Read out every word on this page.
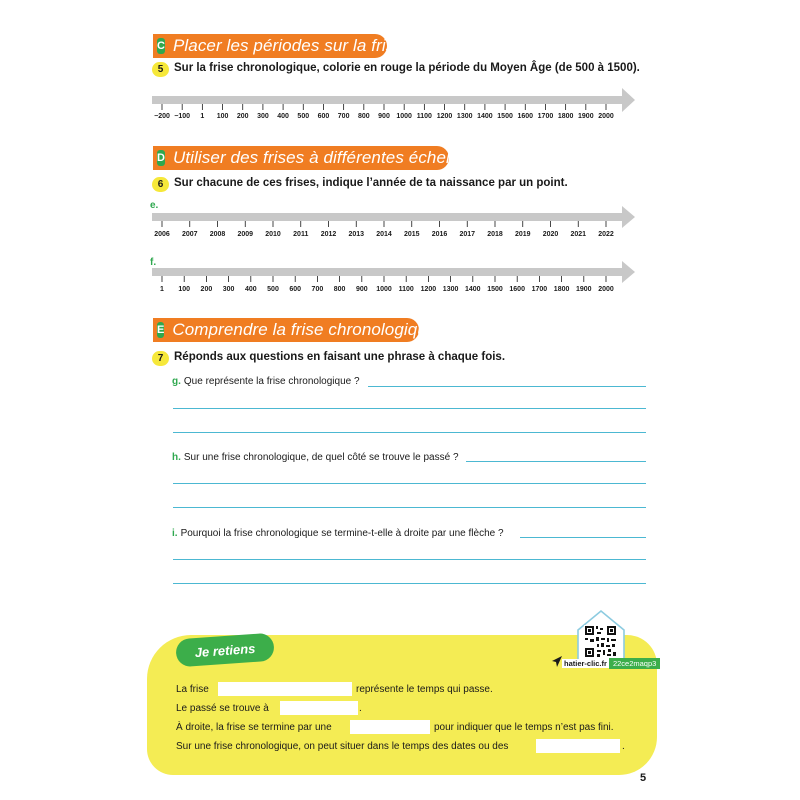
C Placer les périodes sur la frise
5 Sur la frise chronologique, colorie en rouge la période du Moyen Âge (de 500 à 1500).
−200 −100 1 100 200 300 400 500 600 700 800 900 1000 1100 1200 1300 1400 1500 1600 1700 1800 1900 2000
D Utiliser des frises à différentes échelles
6 Sur chacune de ces frises, indique l’année de ta naissance par un point.
e.
2006 2007 2008 2009 2010 2011 2012 2013 2014 2015 2016 2017 2018 2019 2020 2021 2022
f.
1 100 200 300 400 500 600 700 800 900 1000 1100 1200 1300 1400 1500 1600 1700 1800 1900 2000
E Comprendre la frise chronologique
7 Réponds aux questions en faisant une phrase à chaque fois.
g. Que représente la frise chronologique ?
h. Sur une frise chronologique, de quel côté se trouve le passé ?
i. Pourquoi la frise chronologique se termine-t-elle à droite par une flèche ?
Je retiens
hatier-clic.fr 22ce2maqp3
La frise	représente le temps qui passe.
Le passé se trouve à	.
À droite, la frise se termine par une	pour indiquer que le temps n’est pas fini.
Sur une frise chronologique, on peut situer dans le temps des dates ou des	.
5
